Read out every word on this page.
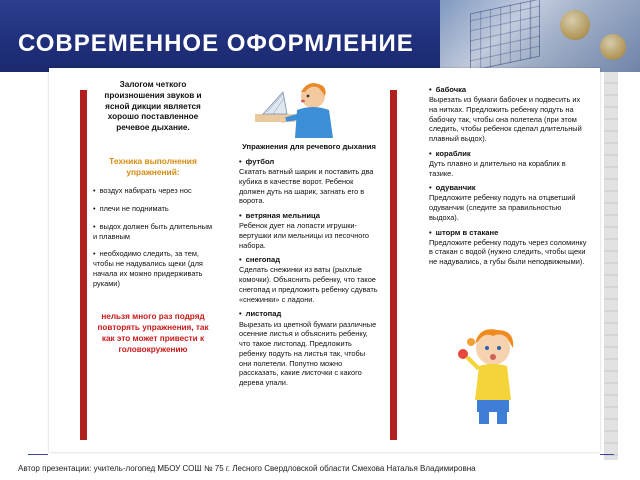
СОВРЕМЕННОЕ ОФОРМЛЕНИЕ
Залогом четкого произношения звуков и ясной дикции является хорошо поставленное речевое дыхание.
Техника выполнения упражнений:
• воздух набирать через нос
• плечи не поднимать
• выдох должен быть длительным и плавным
• необходимо следить, за тем, чтобы не надувались щеки (для начала их можно придерживать руками)
нельзя много раз подряд повторять упражнения, так как это может привести к головокружению
Упражнения для речевого дыхания
• футбол
Скатать ватный шарик и поставить два кубика в качестве ворот. Ребенок должен дуть на шарик, загнать его в ворота.
• ветряная мельница
Ребенок дует на лопасти игрушки-вертушки или мельницы из песочного набора.
• снегопад
Сделать снежинки из ваты (рыхлые комочки). Объяснить ребенку, что такое снегопад и предложить ребенку сдувать «снежинки» с ладони.
• листопад
Вырезать из цветной бумаги различные осенние листья и объяснить ребенку, что такое листопад. Предложить ребенку подуть на листья так, чтобы они полетели. Попутно можно рассказать, какие листочки с какого дерева упали.
• бабочка
Вырезать из бумаги бабочек и подвесить их на нитках. Предложить ребенку подуть на бабочку так, чтобы она полетела (при этом следить, чтобы ребенок сделал длительный плавный выдох).
• кораблик
Дуть плавно и длительно на кораблик в тазике.
• одуванчик
Предложите ребенку подуть на отцветший одуванчик (следите за правильностью выдоха).
• шторм в стакане
Предложите ребенку подуть через соломинку в стакан с водой (нужно следить, чтобы щеки не надувались, а губы были неподвижными).
Автор презентации: учитель-логопед МБОУ СОШ № 75 г. Лесного Свердловской области Смехова Наталья Владимировна
